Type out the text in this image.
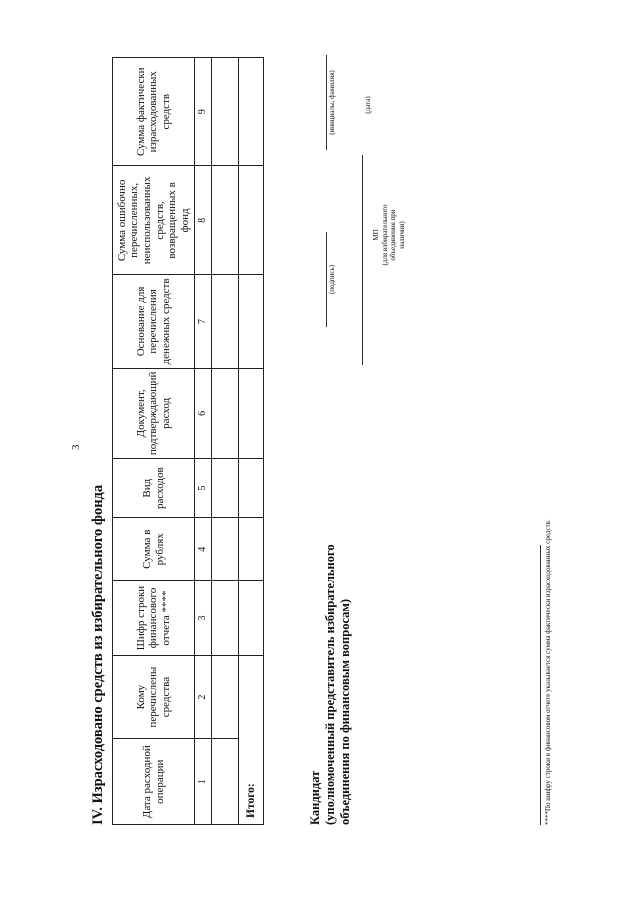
3
IV. Израсходовано средств из избирательного фонда	Дата расходной операции	Кому перечислены средства	Шифр строки финансового отчета ****	Сумма в рублях	Вид расходов	Документ, подтверждающий расход	Основание для перечисления денежных средств	Сумма ошибочно перечисленных, неиспользованных средств, возвращенных в фонд	Сумма фактически израсходованных средств
1	2	3	4	5	6	7	8	9

Итого:									Кандидат (уполномоченный представитель избирательного объединения по финансовым вопросам)
(подпись)
(инициалы, фамилия)	(дата)
МП (для избирательного объединения при наличии)
****По шифру строки в финансовом отчете указывается сумма фактически израсходованных средств.
